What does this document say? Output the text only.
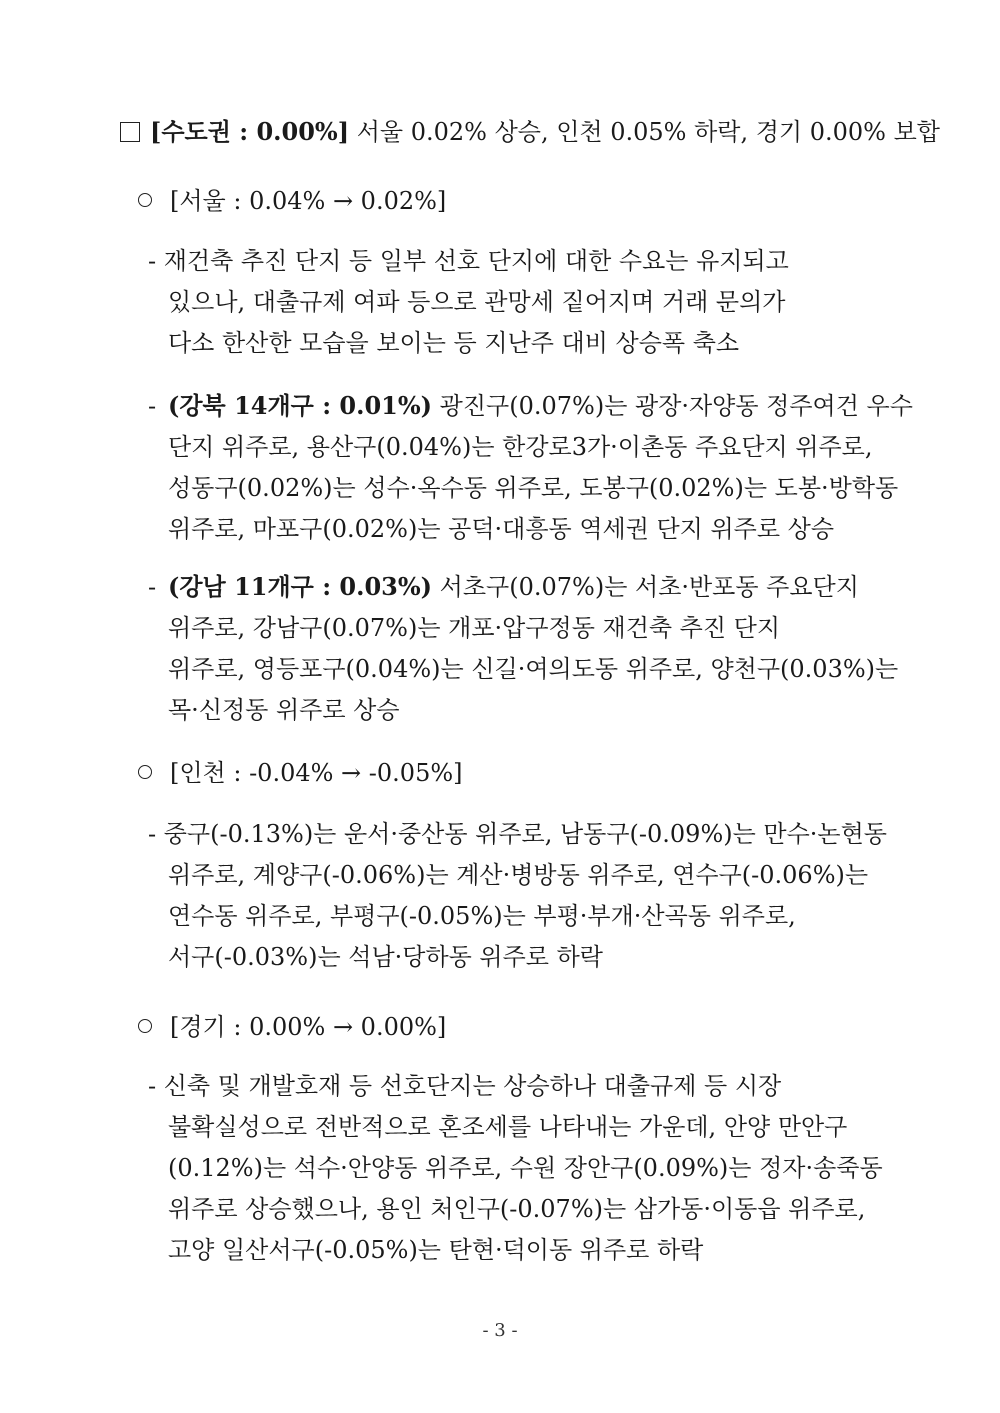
[수도권 : 0.00%] 서울 0.02% 상승, 인천 0.05% 하락, 경기 0.00% 보합
[서울 : 0.04% → 0.02%]
- 재건축 추진 단지 등 일부 선호 단지에 대한 수요는 유지되고
있으나, 대출규제 여파 등으로 관망세 짙어지며 거래 문의가
다소 한산한 모습을 보이는 등 지난주 대비 상승폭 축소
- (강북 14개구 : 0.01%) 광진구(0.07%)는 광장·자양동 정주여건 우수
단지 위주로, 용산구(0.04%)는 한강로3가·이촌동 주요단지 위주로,
성동구(0.02%)는 성수·옥수동 위주로, 도봉구(0.02%)는 도봉·방학동
위주로, 마포구(0.02%)는 공덕·대흥동 역세권 단지 위주로 상승
- (강남 11개구 : 0.03%) 서초구(0.07%)는 서초·반포동 주요단지
위주로, 강남구(0.07%)는 개포·압구정동 재건축 추진 단지
위주로, 영등포구(0.04%)는 신길·여의도동 위주로, 양천구(0.03%)는
목·신정동 위주로 상승
[인천 : -0.04% → -0.05%]
- 중구(-0.13%)는 운서·중산동 위주로, 남동구(-0.09%)는 만수·논현동
위주로, 계양구(-0.06%)는 계산·병방동 위주로, 연수구(-0.06%)는
연수동 위주로, 부평구(-0.05%)는 부평·부개·산곡동 위주로,
서구(-0.03%)는 석남·당하동 위주로 하락
[경기 : 0.00% → 0.00%]
- 신축 및 개발호재 등 선호단지는 상승하나 대출규제 등 시장
불확실성으로 전반적으로 혼조세를 나타내는 가운데, 안양 만안구
(0.12%)는 석수·안양동 위주로, 수원 장안구(0.09%)는 정자·송죽동
위주로 상승했으나, 용인 처인구(-0.07%)는 삼가동·이동읍 위주로,
고양 일산서구(-0.05%)는 탄현·덕이동 위주로 하락
- 3 -
